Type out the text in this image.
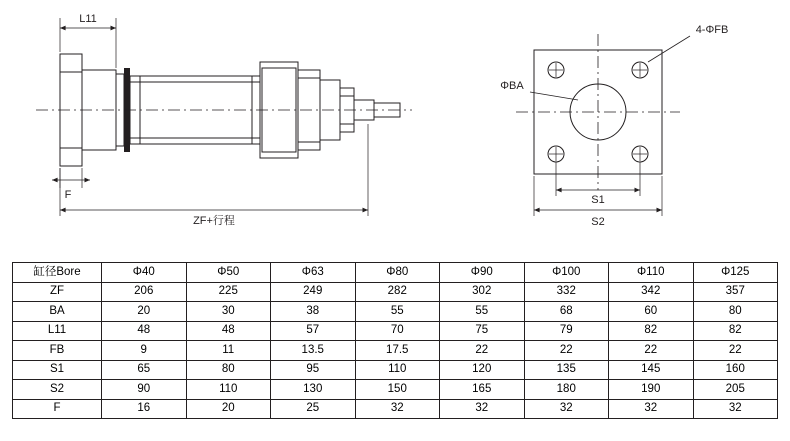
L11
F
ZF+行程
ΦBA
4-ΦFB
S1
S2
缸径Bore	Φ40	Φ50	Φ63	Φ80	Φ90	Φ100	Φ110	Φ125
ZF	206	225	249	282	302	332	342	357
BA	20	30	38	55	55	68	60	80
L11	48	48	57	70	75	79	82	82
FB	9	11	13.5	17.5	22	22	22	22
S1	65	80	95	110	120	135	145	160
S2	90	110	130	150	165	180	190	205
F	16	20	25	32	32	32	32	32
